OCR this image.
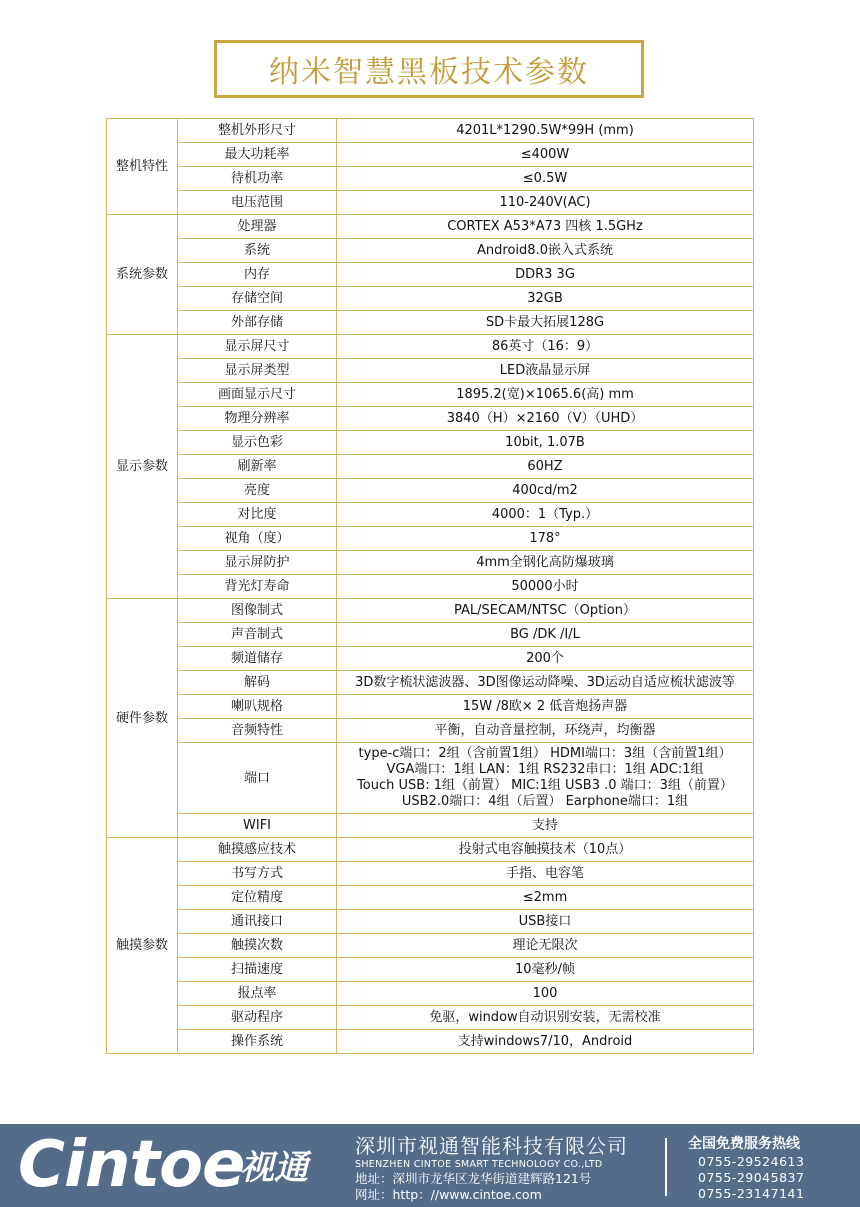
纳米智慧黑板技术参数
整机特性	整机外形尺寸	4201L*1290.5W*99H (mm)
	最大功耗率	≤400W
	待机功率	≤0.5W
	电压范围	110-240V(AC)
系统参数	处理器	CORTEX A53*A73 四核 1.5GHz
	系统	Android8.0嵌入式系统
	内存	DDR3 3G
	存储空间	32GB
	外部存储	SD卡最大拓展128G
显示参数	显示屏尺寸	86英寸（16：9）
	显示屏类型	LED液晶显示屏
	画面显示尺寸	1895.2(宽)×1065.6(高) mm
	物理分辨率	3840（H）×2160（V）（UHD）
	显示色彩	10bit, 1.07B
	刷新率	60HZ
	亮度	400cd/m2
	对比度	4000：1（Typ.）
	视角（度）	178°
	显示屏防护	4mm全钢化高防爆玻璃
	背光灯寿命	50000小时
硬件参数	图像制式	PAL/SECAM/NTSC（Option）
	声音制式	BG /DK /I/L
	频道储存	200个
	解码	3D数字梳状滤波器、3D图像运动降噪、3D运动自适应梳状滤波等
	喇叭规格	15W /8欧× 2 低音炮扬声器
	音频特性	平衡，自动音量控制，环绕声，均衡器
	端口	type-c端口：2组（含前置1组） HDMI端口：3组（含前置1组）
VGA端口：1组 LAN：1组 RS232串口：1组 ADC:1组
Touch USB: 1组（前置） MIC:1组 USB3 .0 端口：3组（前置）
USB2.0端口：4组（后置） Earphone端口：1组

	WIFI	支持
触摸参数	触摸感应技术	投射式电容触摸技术（10点）
	书写方式	手指、电容笔
	定位精度	≤2mm
	通讯接口	USB接口
	触摸次数	理论无限次
	扫描速度	10毫秒/帧
	报点率	100
	驱动程序	免驱，window自动识别安装，无需校准
	操作系统	支持windows7/10，Android
Cintoe
视通
深圳市视通智能科技有限公司
SHENZHEN CINTOE SMART TECHNOLOGY CO.,LTD
地址：深圳市龙华区龙华街道建辉路121号
网址：http：//www.cintoe.com
全国免费服务热线
0755-29524613
0755-29045837
0755-23147141
